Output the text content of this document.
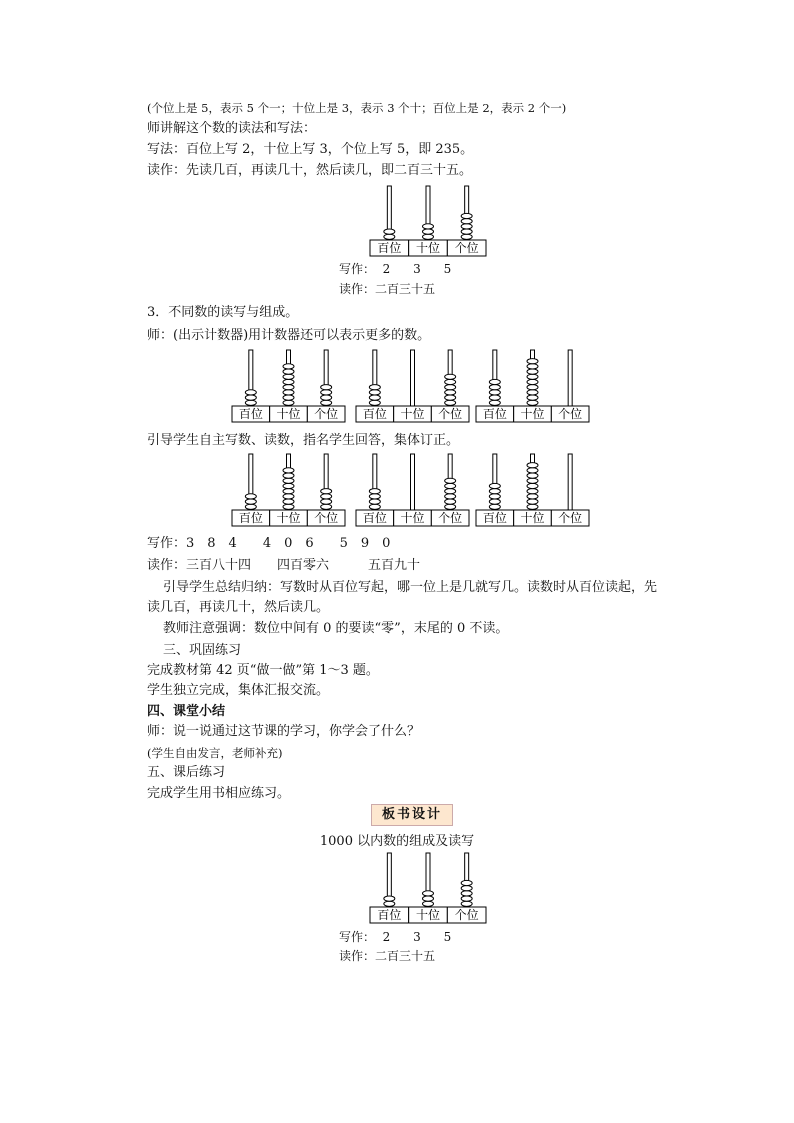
(个位上是 5，表示 5 个一；十位上是 3，表示 3 个十；百位上是 2，表示 2 个一)
师讲解这个数的读法和写法：
写法：百位上写 2，十位上写 3，个位上写 5，即 235。
读作：先读几百，再读几十，然后读几，即二百三十五。
百位 十位 个位
写作：  2      3      5
读作：二百三十五
3．不同数的读写与组成。
师：(出示计数器)用计数器还可以表示更多的数。
百位 十位 个位 百位 十位 个位 百位 十位 个位
引导学生自主写数、读数，指名学生回答，集体订正。
百位 十位 个位 百位 十位 个位 百位 十位 个位
写作：3　8　4　　4　0　6　　5　9　0
读作：三百八十四　　四百零六　　　五百九十
引导学生总结归纳：写数时从百位写起，哪一位上是几就写几。读数时从百位读起，先
读几百，再读几十，然后读几。
教师注意强调：数位中间有 0 的要读“零”，末尾的 0 不读。
三、巩固练习
完成教材第 42 页“做一做”第 1～3 题。
学生独立完成，集体汇报交流。
四、课堂小结
师：说一说通过这节课的学习，你学会了什么？
(学生自由发言，老师补充)
五、课后练习
完成学生用书相应练习。
板书设计
1000 以内数的组成及读写
百位 十位 个位
写作：  2      3      5
读作：二百三十五
